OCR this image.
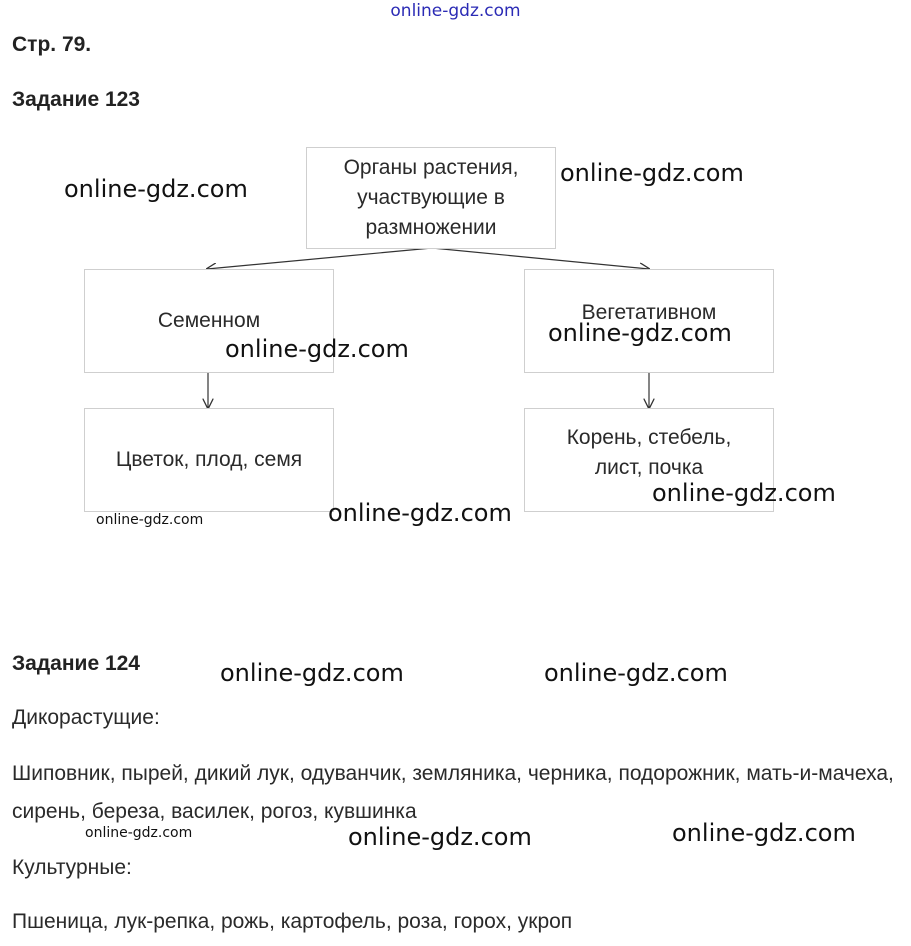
online-gdz.com
Стр. 79.
Задание 123
Органы растения, участвующие в размножении
Семенном	Вегетативном
Цветок, плод, семя
Корень, стебель, лист, почка
online-gdz.com
online-gdz.com
online-gdz.com
online-gdz.com
online-gdz.com
online-gdz.com
online-gdz.com
Задание 124	online-gdz.com	online-gdz.com
Дикорастущие:
Шиповник, пырей, дикий лук, одуванчик, земляника, черника, подорожник, мать-и-мачеха, сирень, береза, василек, рогоз, кувшинка
online-gdz.com	online-gdz.com	online-gdz.com
Культурные:
Пшеница, лук-репка, рожь, картофель, роза, горох, укроп
